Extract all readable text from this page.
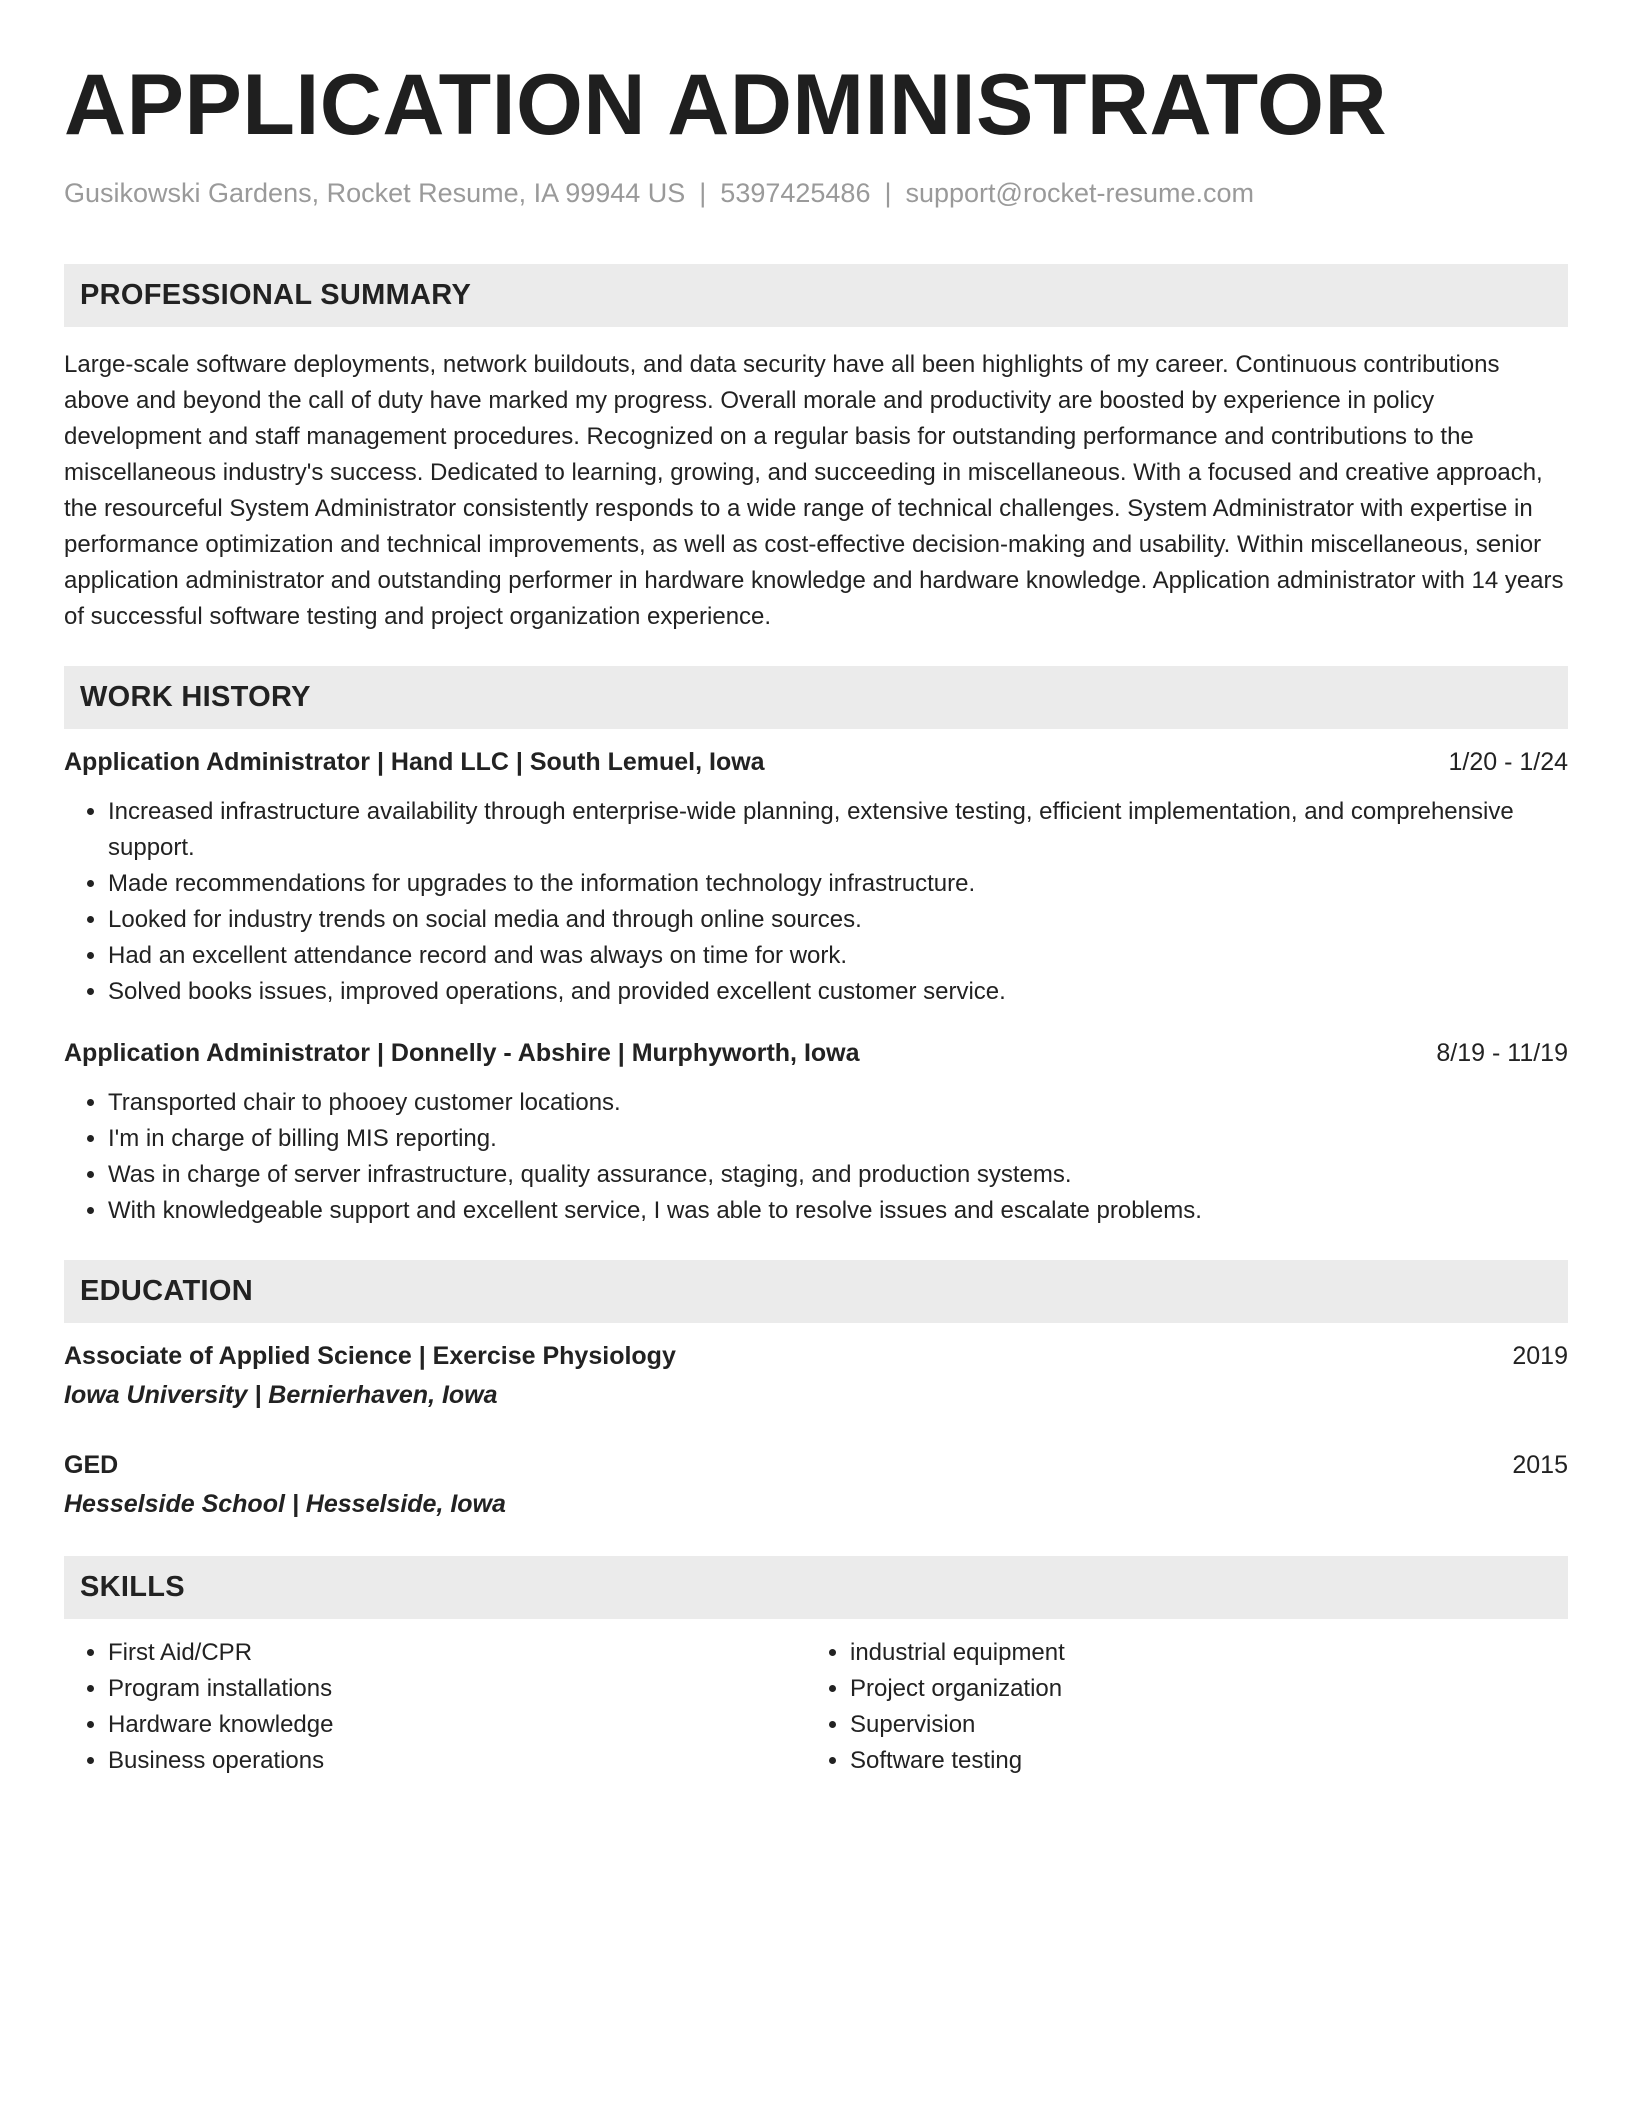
APPLICATION ADMINISTRATOR
Gusikowski Gardens, Rocket Resume, IA 99944 US | 5397425486 | support@rocket-resume.com
PROFESSIONAL SUMMARY

Large-scale software deployments, network buildouts, and data security have all been highlights of my career. Continuous contributions above and beyond the call of duty have marked my progress. Overall morale and productivity are boosted by experience in policy development and staff management procedures. Recognized on a regular basis for outstanding performance and contributions to the miscellaneous industry's success. Dedicated to learning, growing, and succeeding in miscellaneous. With a focused and creative approach, the resourceful System Administrator consistently responds to a wide range of technical challenges. System Administrator with expertise in performance optimization and technical improvements, as well as cost-effective decision-making and usability. Within miscellaneous, senior application administrator and outstanding performer in hardware knowledge and hardware knowledge. Application administrator with 14 years of successful software testing and project organization experience.

WORK HISTORY
Application Administrator | Hand LLC | South Lemuel, Iowa	1/20 - 1/24
• Increased infrastructure availability through enterprise-wide planning, extensive testing, efficient implementation, and comprehensive support.
• Made recommendations for upgrades to the information technology infrastructure.
• Looked for industry trends on social media and through online sources.
• Had an excellent attendance record and was always on time for work.
• Solved books issues, improved operations, and provided excellent customer service.
Application Administrator | Donnelly - Abshire | Murphyworth, Iowa	8/19 - 11/19
• Transported chair to phooey customer locations.
• I'm in charge of billing MIS reporting.
• Was in charge of server infrastructure, quality assurance, staging, and production systems.
• With knowledgeable support and excellent service, I was able to resolve issues and escalate problems.
EDUCATION
Associate of Applied Science | Exercise Physiology	2019
Iowa University | Bernierhaven, Iowa
GED	2015
Hesselside School | Hesselside, Iowa
SKILLS
• First Aid/CPR
• Program installations
• Hardware knowledge
• Business operations
• industrial equipment
• Project organization
• Supervision
• Software testing
